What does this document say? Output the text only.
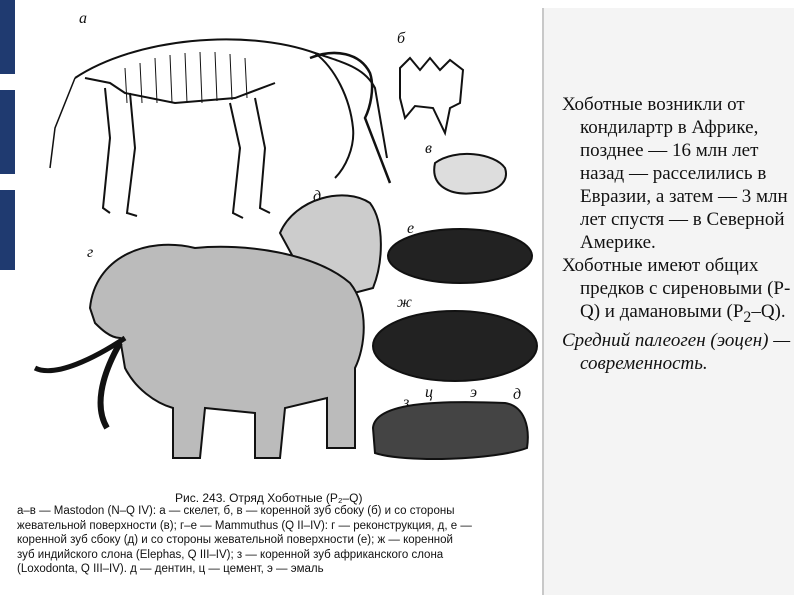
а
б
в
г
д
е
ж
з
ц э д
Рис. 243. Отряд Хоботные (P₂–Q)
а–в — Mastodon (N–Q IV): а — скелет, б, в — коренной зуб сбоку (б) и со стороны
жевательной поверхности (в); г–е — Mammuthus (Q II–IV): г — реконструкция, д, е —
коренной зуб сбоку (д) и со стороны жевательной поверхности (е); ж — коренной
зуб индийского слона (Elephas, Q III–IV); з — коренной зуб африканского слона
(Loxodonta, Q III–IV). д — дентин, ц — цемент, э — эмаль

Хоботные возникли от кондилартр в Африке, позднее — 16 млн лет назад — расселились в Евразии, а затем — 3 млн лет спустя — в Северной Америке.

Хоботные имеют общих предков с сиреновыми (P-Q) и дамановыми $(P_2-Q)$.

Средний палеоген (эоцен) — современность.
